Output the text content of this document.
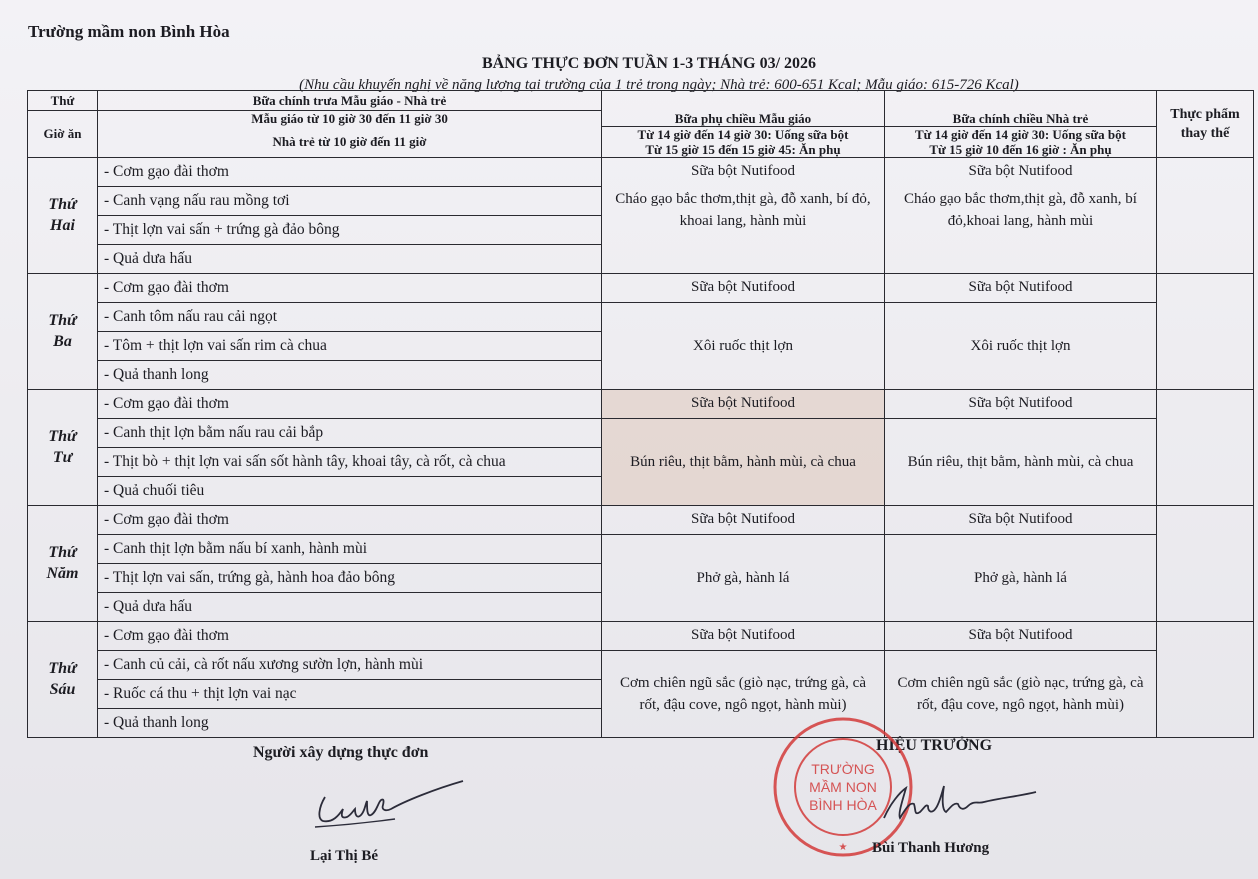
Trường mầm non Bình Hòa
BẢNG THỰC ĐƠN TUẦN 1-3 THÁNG 03/ 2026
(Nhu cầu khuyến nghị về năng lượng tại trường của 1 trẻ trong ngày; Nhà trẻ: 600-651 Kcal; Mẫu giáo: 615-726 Kcal)
Thứ	Bữa chính trưa Mẫu giáo - Nhà trẻ	Bữa phụ chiều Mẫu giáo	Bữa chính chiều Nhà trẻ	Thực phẩm thay thế
Giờ ăn	Mẫu giáo từ 10 giờ 30 đến 11 giờ 30			
	Nhà trẻ từ 10 giờ đến 11 giờ	Từ 14 giờ đến 14 giờ 30: Uống sữa bột	Từ 14 giờ đến 14 giờ 30: Uống sữa bột	
		Từ 15 giờ 15 đến 15 giờ 45: Ăn phụ	Từ 15 giờ 10 đến 16 giờ : Ăn phụ	

Thứ
Hai	- Cơm gạo đài thơm	Sữa bột Nutifood	Sữa bột Nutifood	
	- Canh vạng nấu rau mồng tơi	Cháo gạo bắc thơm,thịt gà, đỗ xanh, bí đỏ, khoai lang, hành mùi	Cháo gạo bắc thơm,thịt gà, đỗ xanh, bí đỏ,khoai lang, hành mùi	
	- Thịt lợn vai sấn + trứng gà đảo bông			
	- Quả dưa hấu			

Thứ
Ba	- Cơm gạo đài thơm	Sữa bột Nutifood	Sữa bột Nutifood	
	- Canh tôm nấu rau cải ngọt	Xôi ruốc thịt lợn	Xôi ruốc thịt lợn	
	- Tôm + thịt lợn vai sấn rim cà chua			
	- Quả thanh long			

Thứ
Tư	- Cơm gạo đài thơm	Sữa bột Nutifood	Sữa bột Nutifood	
	- Canh thịt lợn bằm nấu rau cải bắp	Bún riêu, thịt bằm, hành mùi, cà chua	Bún riêu, thịt bằm, hành mùi, cà chua	
	- Thịt bò + thịt lợn vai sấn sốt hành tây, khoai tây, cà rốt, cà chua			
	- Quả chuối tiêu			

Thứ
Năm	- Cơm gạo đài thơm	Sữa bột Nutifood	Sữa bột Nutifood	
	- Canh thịt lợn bằm nấu bí xanh, hành mùi	Phở gà, hành lá	Phở gà, hành lá	
	- Thịt lợn vai sấn, trứng gà, hành hoa đảo bông			
	- Quả dưa hấu			

Thứ
Sáu	- Cơm gạo đài thơm	Sữa bột Nutifood	Sữa bột Nutifood	
	- Canh củ cải, cà rốt nấu xương sườn lợn, hành mùi	Cơm chiên ngũ sắc (giò nạc, trứng gà, cà rốt, đậu cove, ngô ngọt, hành mùi)	Cơm chiên ngũ sắc (giò nạc, trứng gà, cà rốt, đậu cove, ngô ngọt, hành mùi)	
	- Ruốc cá thu + thịt lợn vai nạc			
	- Quả thanh long			
Người xây dựng thực đơn
Lại Thị Bé
HIỆU TRƯỞNG
TRƯỜNG
MẦM NON
BÌNH HÒA
★ Bùi Thanh Hương
